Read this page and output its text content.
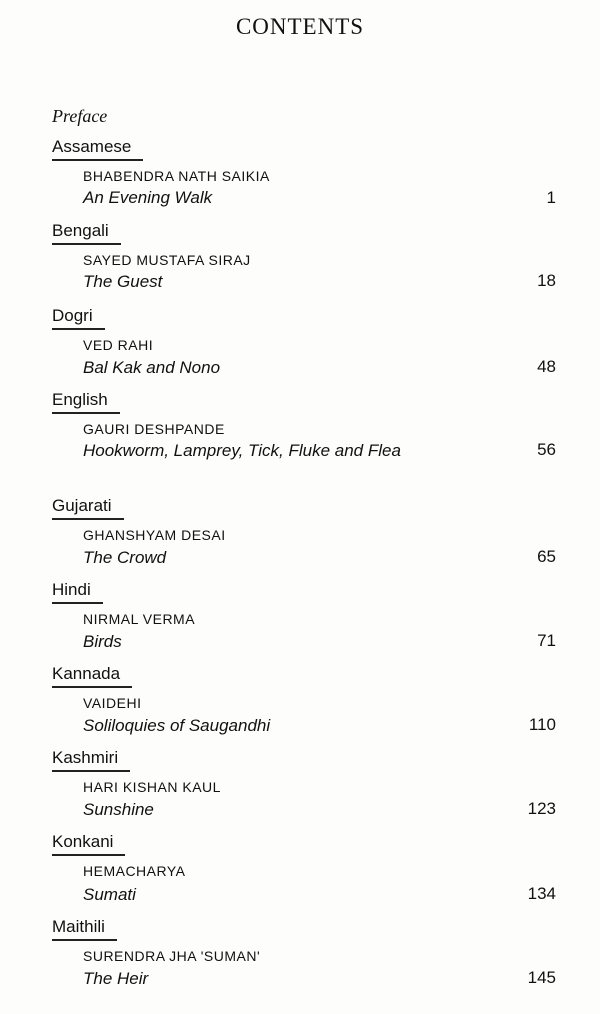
CONTENTS
Preface
Assamese
BHABENDRA NATH SAIKIA
An Evening Walk	1
Bengali
SAYED MUSTAFA SIRAJ
The Guest	18
Dogri
VED RAHI
Bal Kak and Nono	48
English
GAURI DESHPANDE
Hookworm, Lamprey, Tick, Fluke and Flea	56
Gujarati
GHANSHYAM DESAI
The Crowd	65
Hindi
NIRMAL VERMA
Birds	71
Kannada
VAIDEHI
Soliloquies of Saugandhi	110
Kashmiri
HARI KISHAN KAUL
Sunshine	123
Konkani
HEMACHARYA
Sumati	134
Maithili
SURENDRA JHA 'SUMAN'
The Heir	145
